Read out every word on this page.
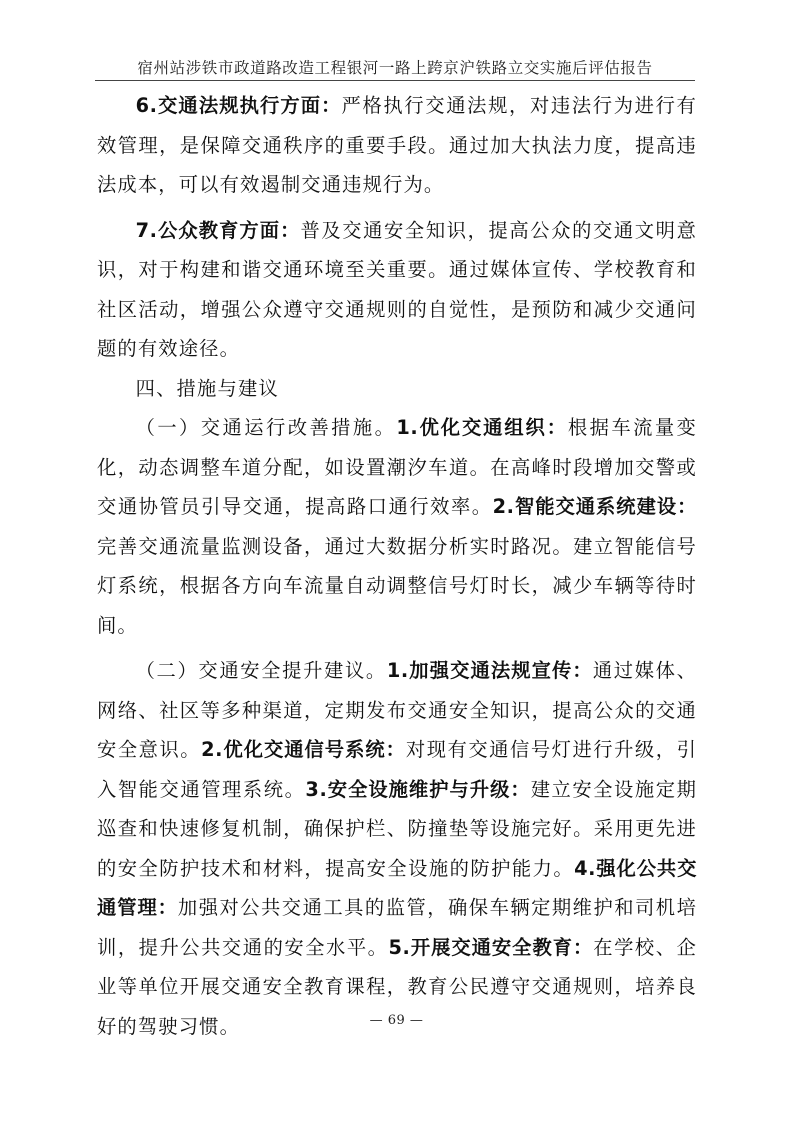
宿州站涉铁市政道路改造工程银河一路上跨京沪铁路立交实施后评估报告

6.交通法规执行方面：严格执行交通法规，对违法行为进行有效管理，是保障交通秩序的重要手段。通过加大执法力度，提高违法成本，可以有效遏制交通违规行为。

7.公众教育方面：普及交通安全知识，提高公众的交通文明意识，对于构建和谐交通环境至关重要。通过媒体宣传、学校教育和社区活动，增强公众遵守交通规则的自觉性，是预防和减少交通问题的有效途径。

四、措施与建议

（一）交通运行改善措施。1.优化交通组织：根据车流量变化，动态调整车道分配，如设置潮汐车道。在高峰时段增加交警或交通协管员引导交通，提高路口通行效率。2.智能交通系统建设：完善交通流量监测设备，通过大数据分析实时路况。建立智能信号灯系统，根据各方向车流量自动调整信号灯时长，减少车辆等待时间。

（二）交通安全提升建议。1.加强交通法规宣传：通过媒体、网络、社区等多种渠道，定期发布交通安全知识，提高公众的交通安全意识。2.优化交通信号系统：对现有交通信号灯进行升级，引入智能交通管理系统。3.安全设施维护与升级：建立安全设施定期巡查和快速修复机制，确保护栏、防撞垫等设施完好。采用更先进的安全防护技术和材料，提高安全设施的防护能力。4.强化公共交通管理：加强对公共交通工具的监管，确保车辆定期维护和司机培训，提升公共交通的安全水平。5.开展交通安全教育：在学校、企业等单位开展交通安全教育课程，教育公民遵守交通规则，培养良好的驾驶习惯。	— 69 —
